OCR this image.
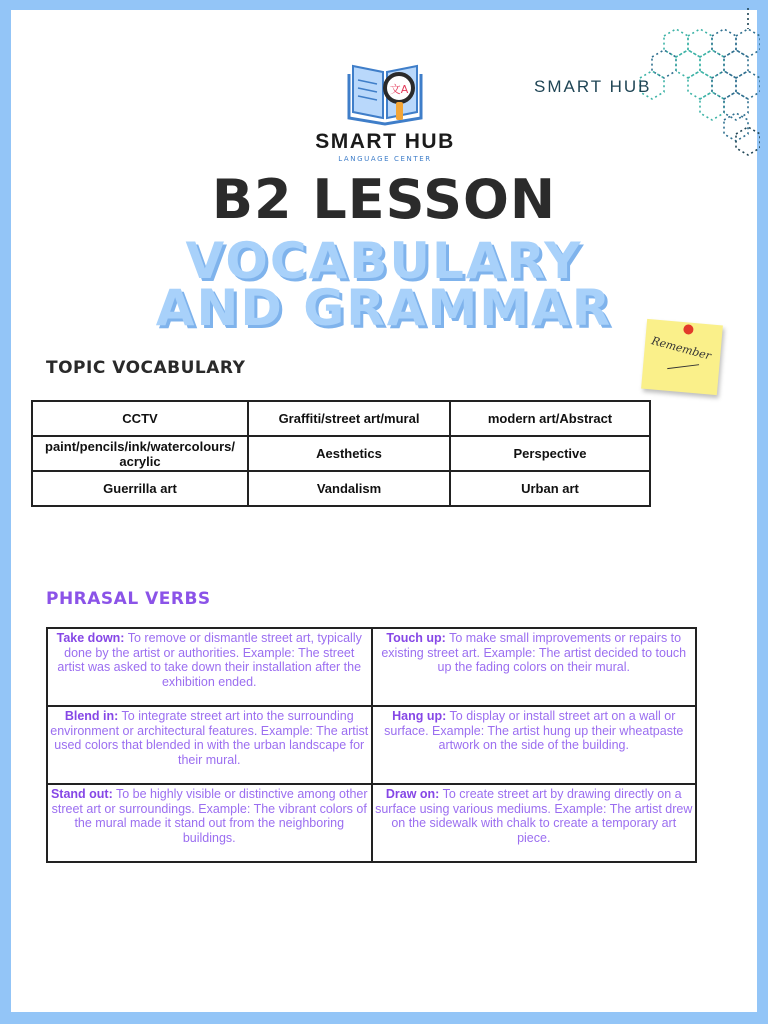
SMART HUB
文A
SMART HUB
LANGUAGE CENTER
B2 LESSON
VOCABULARY
AND GRAMMAR
Remember
TOPIC VOCABULARY
CCTV	Graffiti/street art/mural	modern art/Abstract
paint/pencils/ink/watercolours/ acrylic	Aesthetics	Perspective
Guerrilla art	Vandalism	Urban art
PHRASAL VERBS
Take down: To remove or dismantle street art, typically done by the artist or authorities. Example: The street artist was asked to take down their installation after the exhibition ended.	Touch up: To make small improvements or repairs to existing street art. Example: The artist decided to touch up the fading colors on their mural.
Blend in: To integrate street art into the surrounding environment or architectural features. Example: The artist used colors that blended in with the urban landscape for their mural.	Hang up: To display or install street art on a wall or surface. Example: The artist hung up their wheatpaste artwork on the side of the building.
Stand out: To be highly visible or distinctive among other street art or surroundings. Example: The vibrant colors of the mural made it stand out from the neighboring buildings.	Draw on: To create street art by drawing directly on a surface using various mediums. Example: The artist drew on the sidewalk with chalk to create a temporary art piece.
